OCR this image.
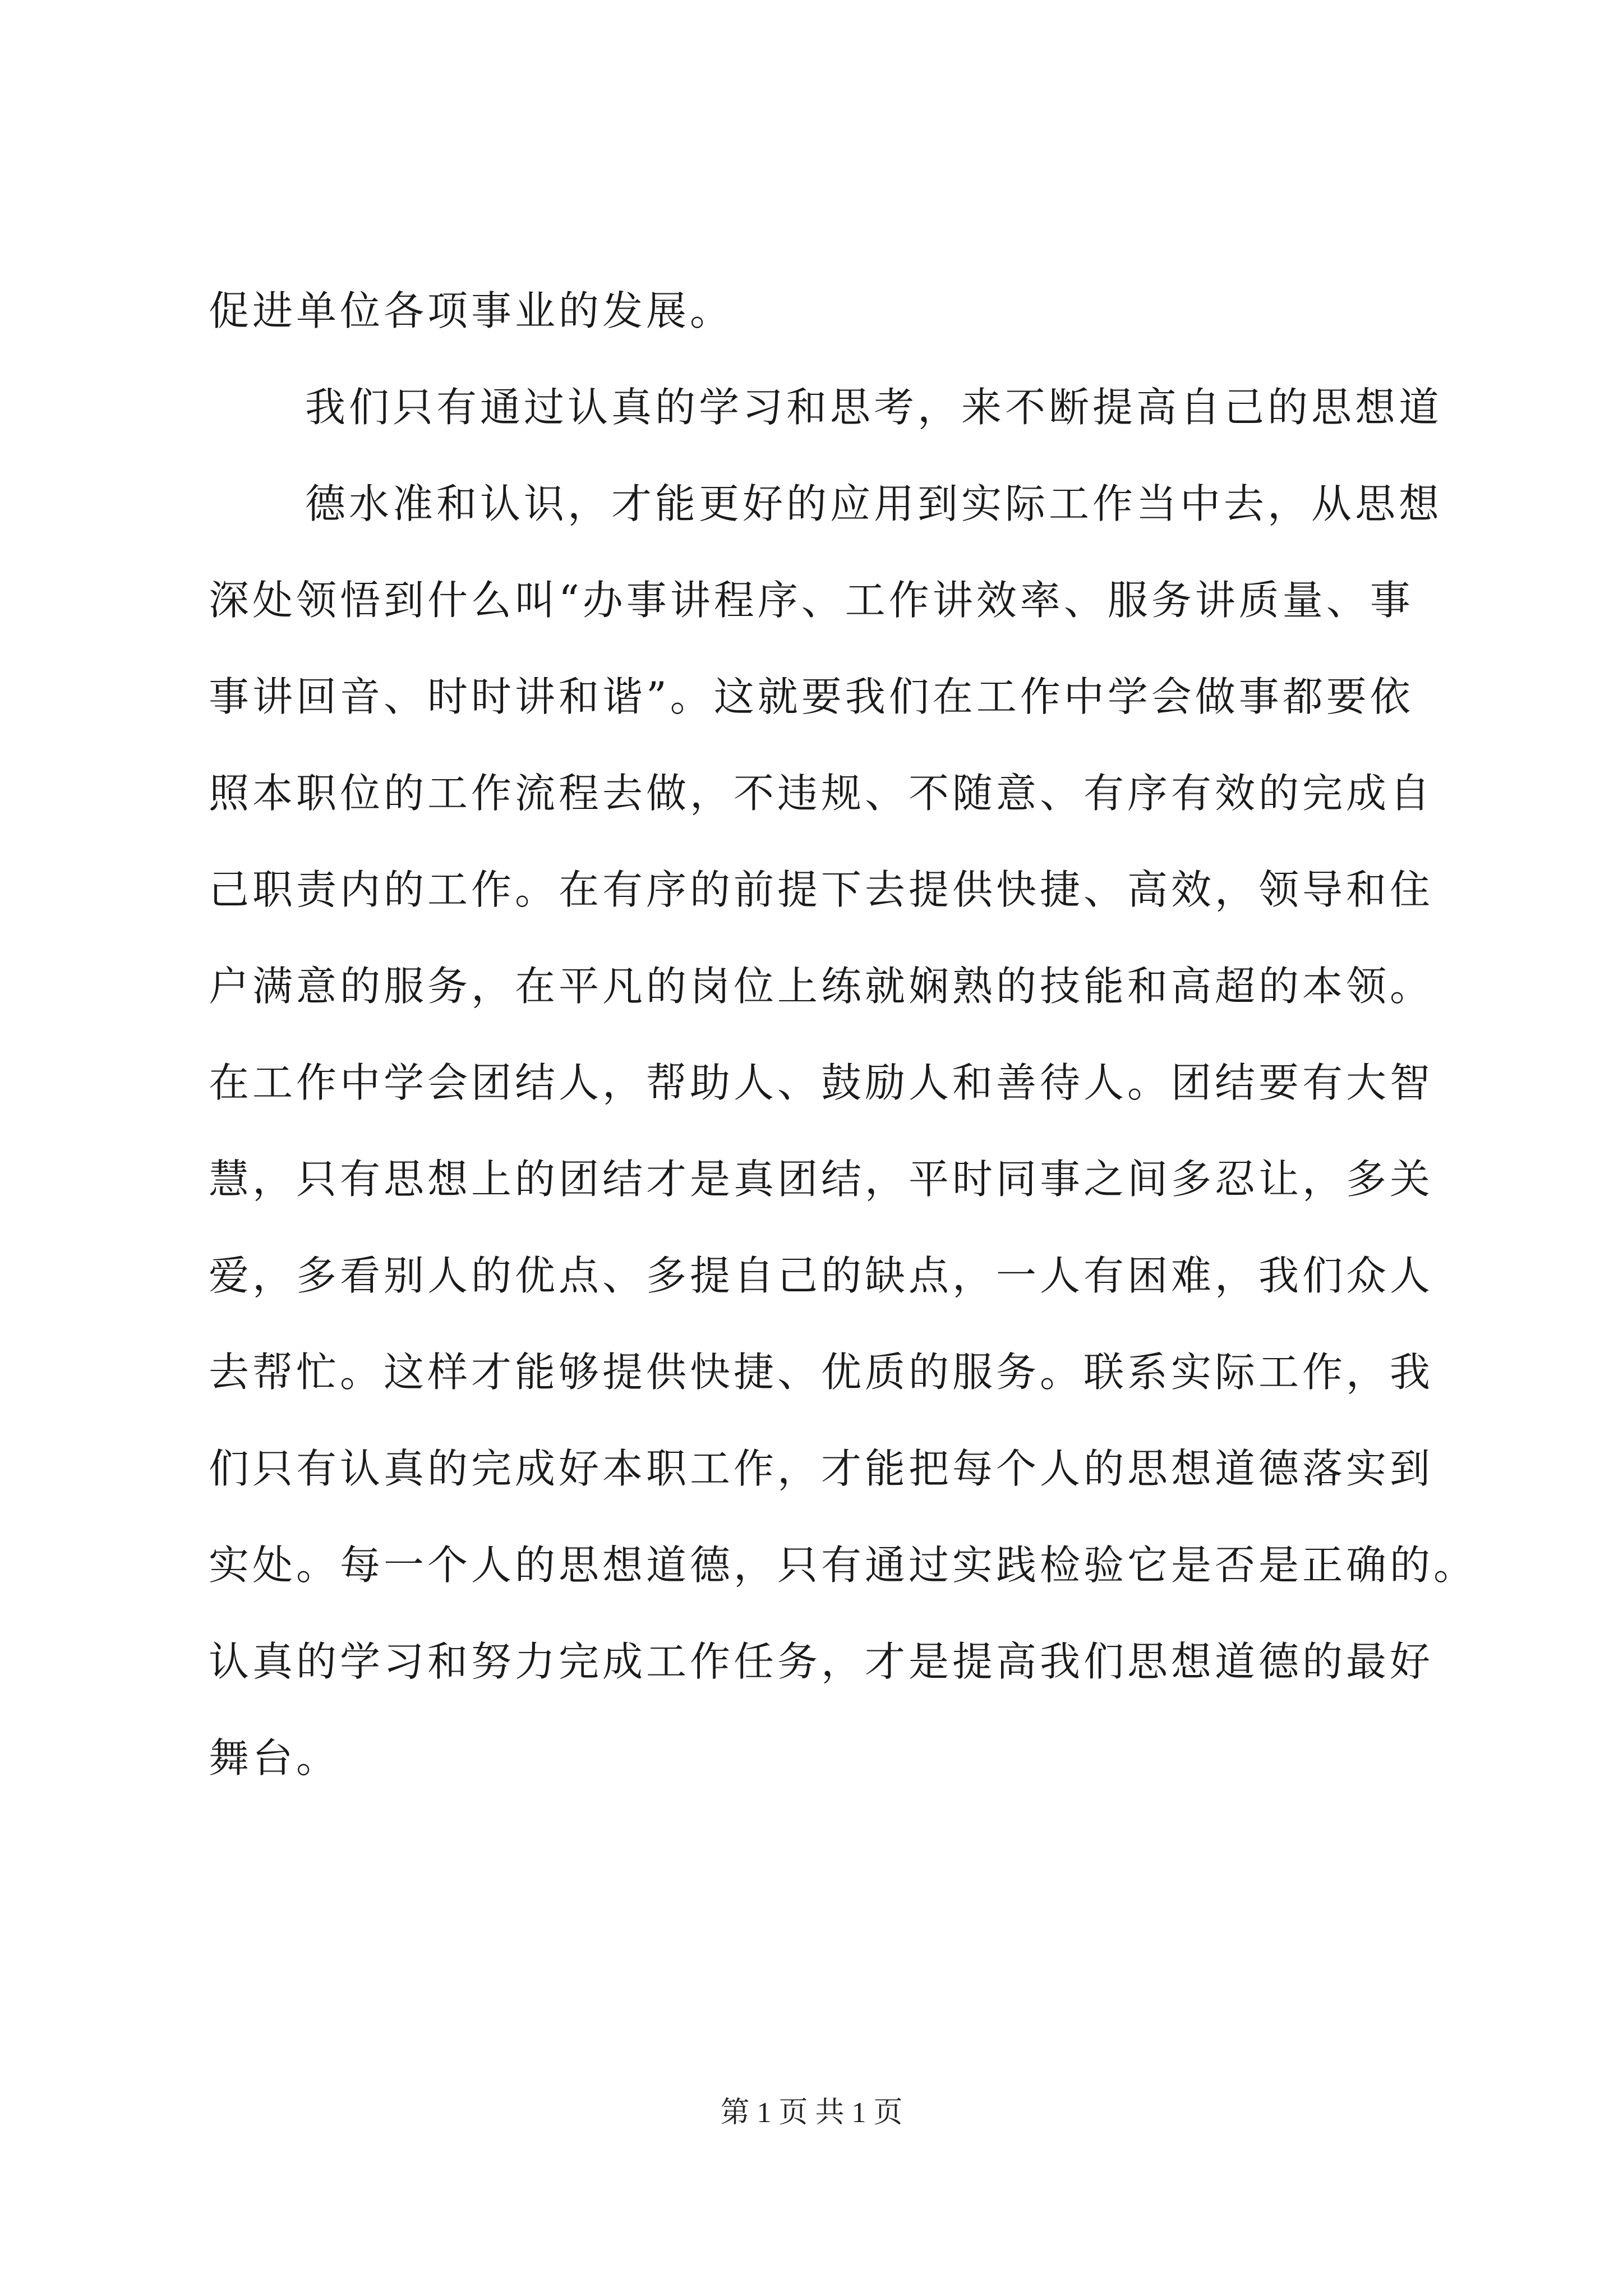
促进单位各项事业的发展。
我们只有通过认真的学习和思考，来不断提高自己的思想道
德水准和认识，才能更好的应用到实际工作当中去，从思想
深处领悟到什么叫“办事讲程序、工作讲效率、服务讲质量、事
事讲回音、时时讲和谐”。这就要我们在工作中学会做事都要依
照本职位的工作流程去做，不违规、不随意、有序有效的完成自
己职责内的工作。在有序的前提下去提供快捷、高效，领导和住
户满意的服务，在平凡的岗位上练就娴熟的技能和高超的本领。
在工作中学会团结人，帮助人、鼓励人和善待人。团结要有大智
慧，只有思想上的团结才是真团结，平时同事之间多忍让，多关
爱，多看别人的优点、多提自己的缺点，一人有困难，我们众人
去帮忙。这样才能够提供快捷、优质的服务。联系实际工作，我
们只有认真的完成好本职工作，才能把每个人的思想道德落实到
实处。每一个人的思想道德，只有通过实践检验它是否是正确的。
认真的学习和努力完成工作任务，才是提高我们思想道德的最好
舞台。
第 1 页 共 1 页
